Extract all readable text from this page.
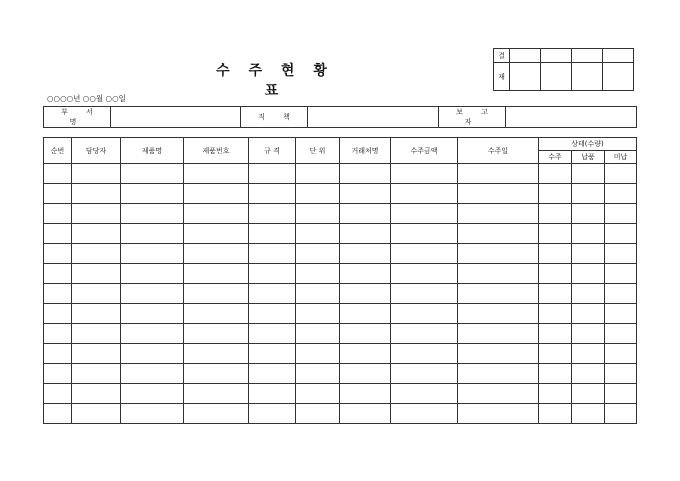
수 주 현 황 표
결				
재				
○○○○년 ○○월 ○○일
부 서 명		직 책		보 고 자	
순번	담당자	제품명	제품번호	규 격	단 위	거래처명	수주금액	수주일	상태(수량)		
									수주	납품	미납
